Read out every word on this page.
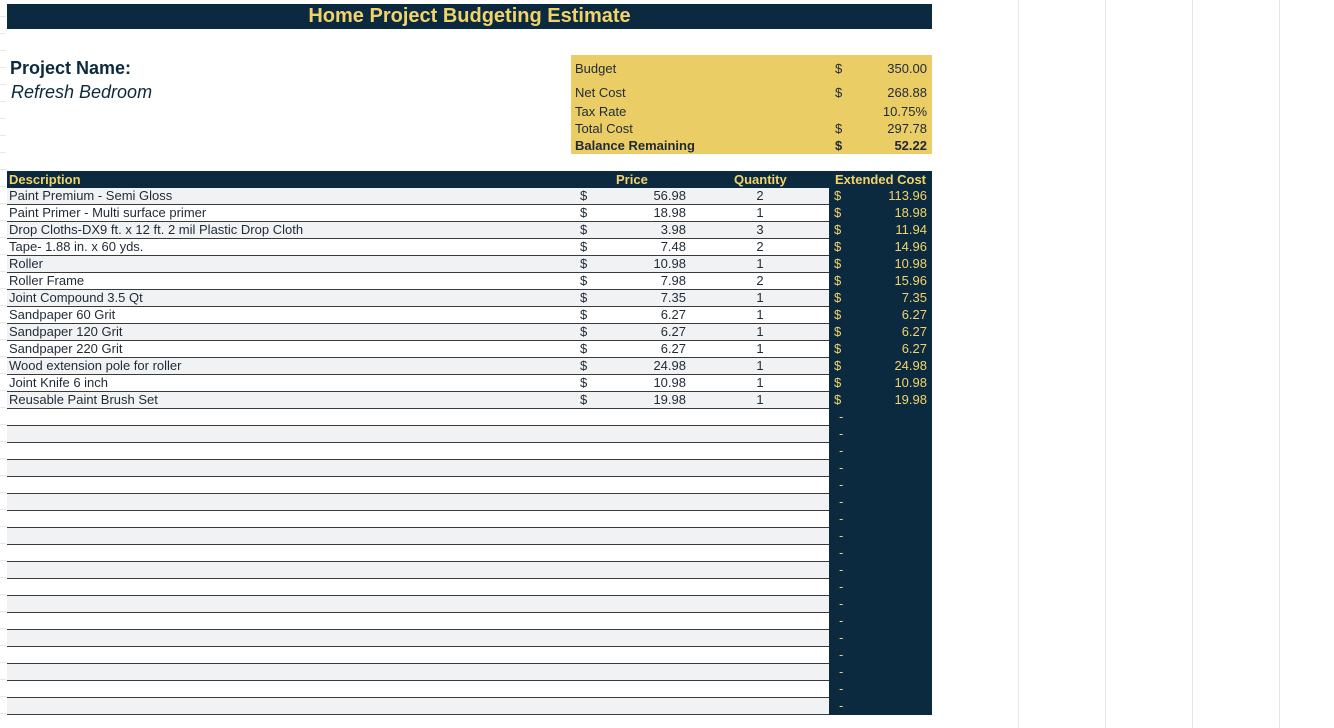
Home Project Budgeting Estimate
Project Name:
Refresh Bedroom
Budget	$	350.00
Net Cost	$	268.88
Tax Rate	10.75%
Total Cost	$	297.78
Balance Remaining	$	52.22
Description	Price	Quantity	Extended Cost
Paint Premium - Semi Gloss	$	56.98	2	$	113.96
Paint Primer - Multi surface primer	$	18.98	1	$	18.98
Drop Cloths-DX9 ft. x 12 ft. 2 mil Plastic Drop Cloth	$	3.98	3	$	11.94
Tape- 1.88 in. x 60 yds.	$	7.48	2	$	14.96
Roller	$	10.98	1	$	10.98
Roller Frame	$	7.98	2	$	15.96
Joint Compound 3.5 Qt	$	7.35	1	$	7.35
Sandpaper 60 Grit	$	6.27	1	$	6.27
Sandpaper 120 Grit	$	6.27	1	$	6.27
Sandpaper 220 Grit	$	6.27	1	$	6.27
Wood extension pole for roller	$	24.98	1	$	24.98
Joint Knife 6 inch	$	10.98	1	$	10.98
Reusable Paint Brush Set	$	19.98	1	$	19.98
-
-
-
-
-
-
-
-
-
-
-
-
-
-
-
-
-
-
